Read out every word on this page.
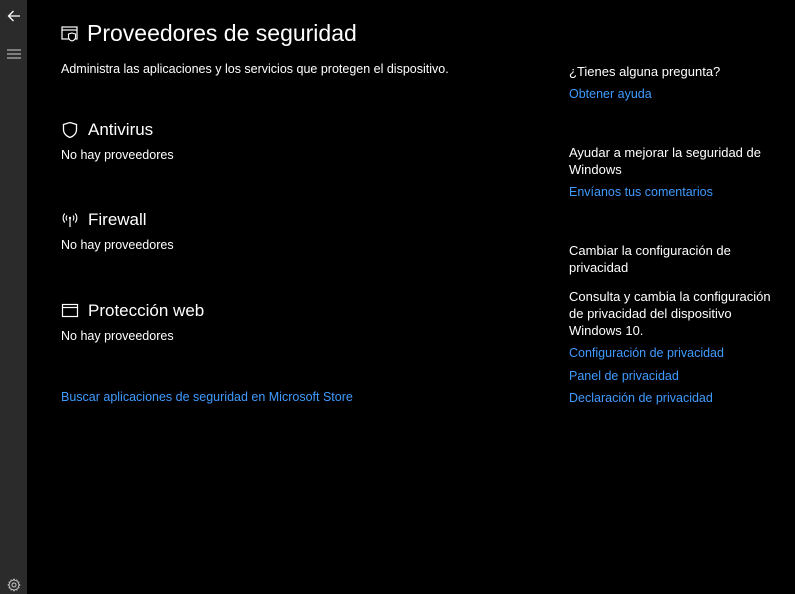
Proveedores de seguridad
Administra las aplicaciones y los servicios que protegen el dispositivo.
Antivirus
No hay proveedores
Firewall
No hay proveedores
Protección web
No hay proveedores
Buscar aplicaciones de seguridad en Microsoft Store
¿Tienes alguna pregunta?
Obtener ayuda
Ayudar a mejorar la seguridad de Windows
Envíanos tus comentarios
Cambiar la configuración de privacidad
Consulta y cambia la configuración de privacidad del dispositivo Windows 10.
Configuración de privacidad
Panel de privacidad
Declaración de privacidad
